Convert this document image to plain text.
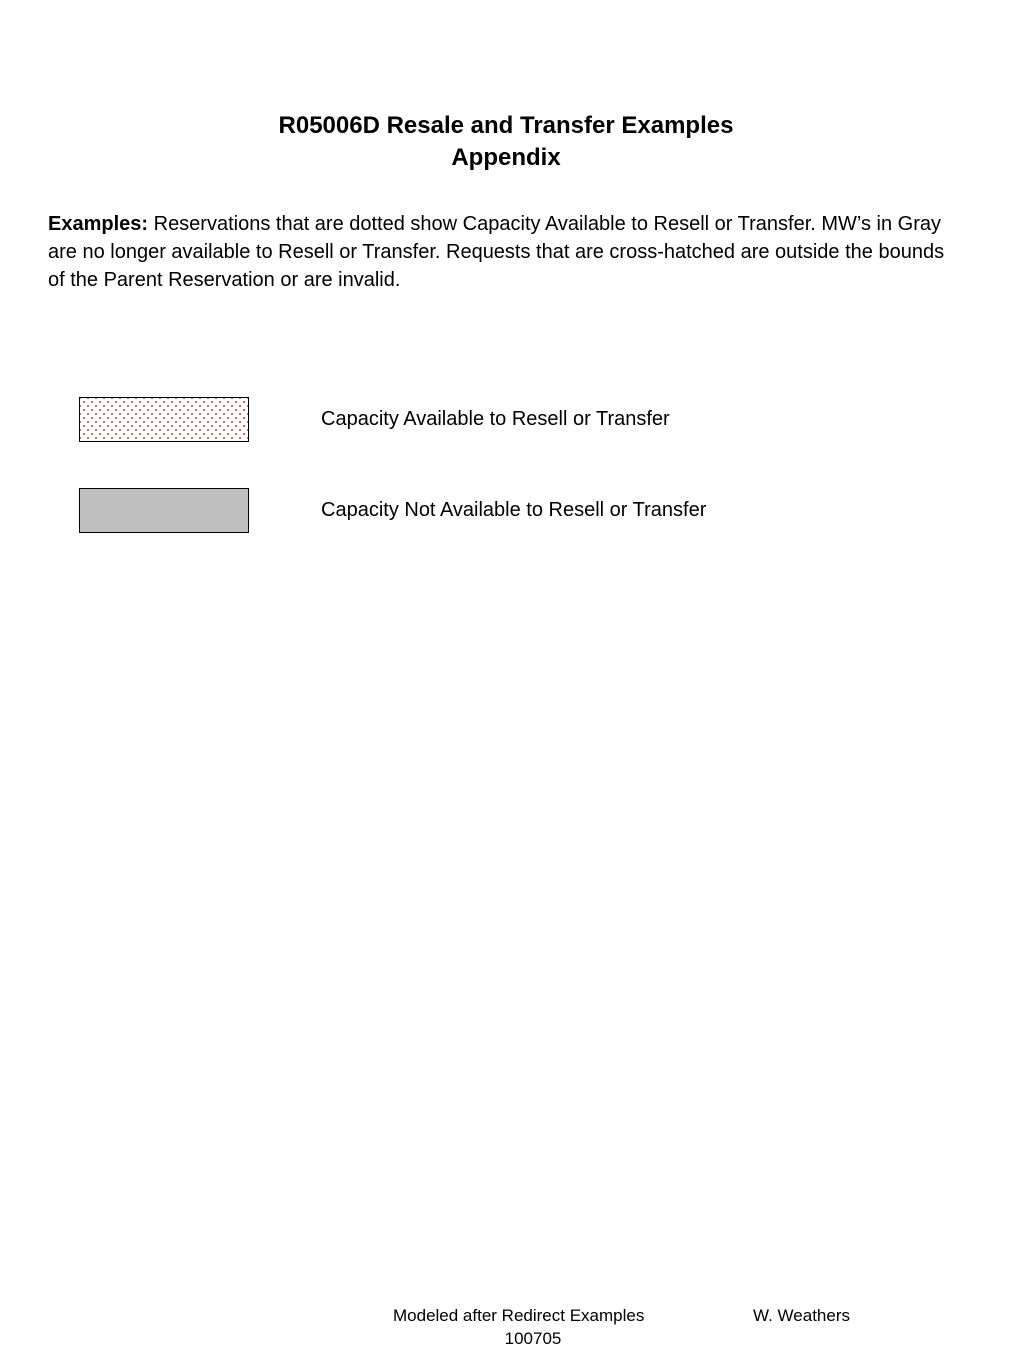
R05006D Resale and Transfer Examples
Appendix
Examples: Reservations that are dotted show Capacity Available to Resell or Transfer. MW’s in Gray are no longer available to Resell or Transfer. Requests that are cross-hatched are outside the bounds of the Parent Reservation or are invalid.
Capacity Available to Resell or Transfer
Capacity Not Available to Resell or Transfer
Modeled after Redirect Examples	W. Weathers
100705
